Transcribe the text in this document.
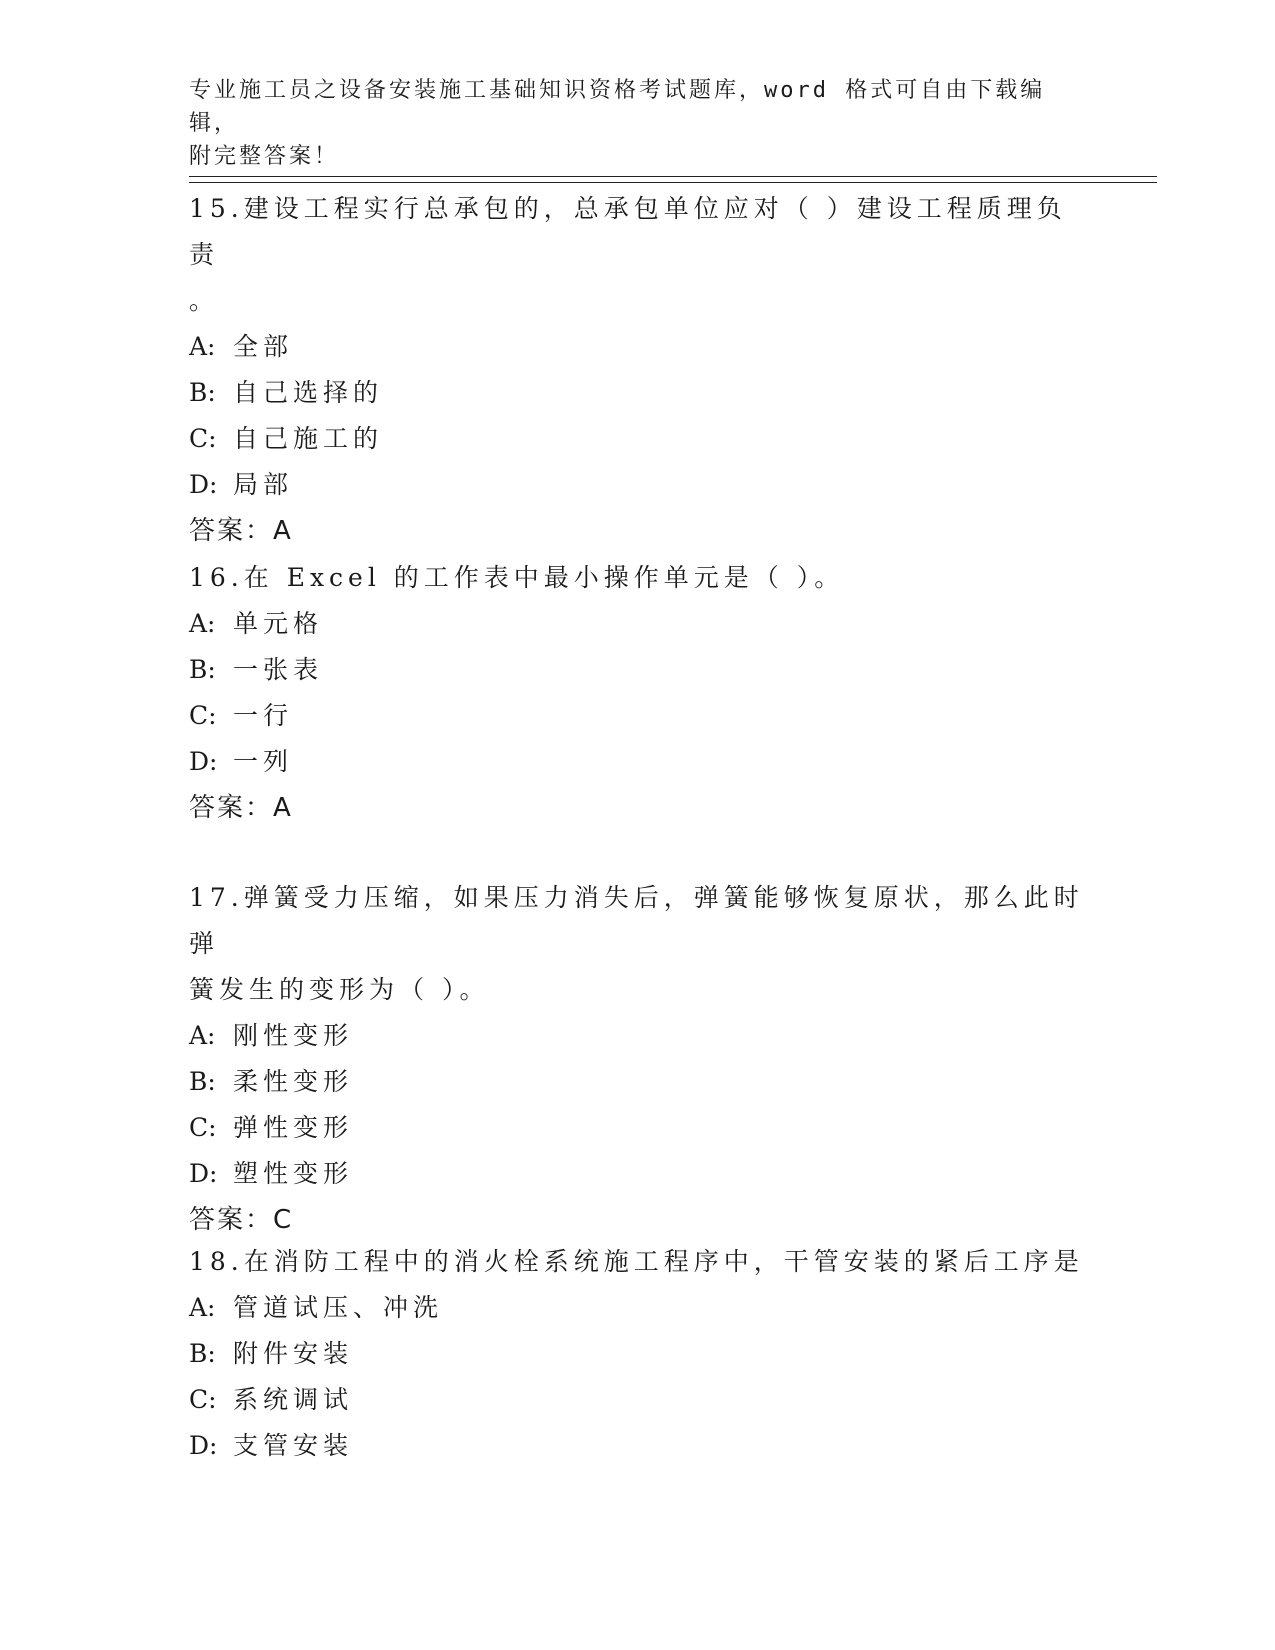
专业施工员之设备安装施工基础知识资格考试题库，word 格式可自由下载编辑，
附完整答案！
15.建设工程实行总承包的，总承包单位应对（ ）建设工程质理负责
。
A: 全部
B: 自己选择的
C: 自己施工的
D: 局部
答案：A
16.在 Excel 的工作表中最小操作单元是（ ）。
A: 单元格
B: 一张表
C: 一行
D: 一列
答案：A
17.弹簧受力压缩，如果压力消失后，弹簧能够恢复原状，那么此时弹
簧发生的变形为（ ）。
A: 刚性变形
B: 柔性变形
C: 弹性变形
D: 塑性变形
答案：C
18.在消防工程中的消火栓系统施工程序中，干管安装的紧后工序是
A: 管道试压、冲洗
B: 附件安装
C: 系统调试
D: 支管安装
